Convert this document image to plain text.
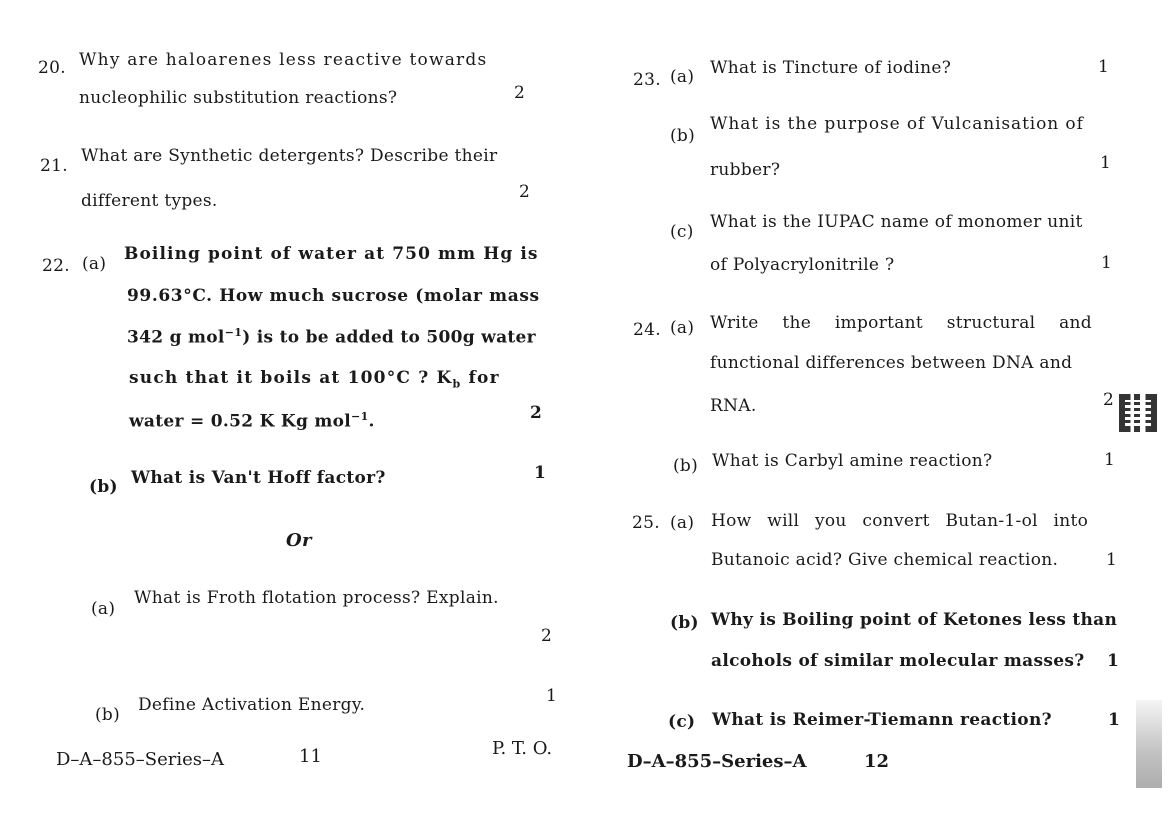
20. Why are haloarenes less reactive towards
nucleophilic substitution reactions?	2
21. What are Synthetic detergents? Describe their
different types.	2
22. (a) Boiling point of water at 750 mm Hg is
99.63°C. How much sucrose (molar mass
342 g mol$^{-1}$) is to be added to 500g water
such that it boils at 100°C ? $K_b$ for
water = 0.52 K Kg mol$^{-1}$.	2
(b) What is Van't Hoff factor?	1
Or
(a)
What is Froth flotation process? Explain.
2
(b) Define Activation Energy.	1
D–A–855–Series–A	11	P. T. O.
23. (a) What is Tincture of iodine?	1
(b)
What is the purpose of Vulcanisation of
rubber?	1
(c) What is the IUPAC name of monomer unit
of Polyacrylonitrile ?	1
24. (a) Write the important structural and
functional differences between DNA and
RNA.	2
(b) What is Carbyl amine reaction?	1
25. (a) How will you convert Butan-1-ol into
Butanoic acid? Give chemical reaction.	1
(b) Why is Boiling point of Ketones less than
alcohols of similar molecular masses? 1
(c) What is Reimer-Tiemann reaction?	1
D–A–855–Series–A	12
